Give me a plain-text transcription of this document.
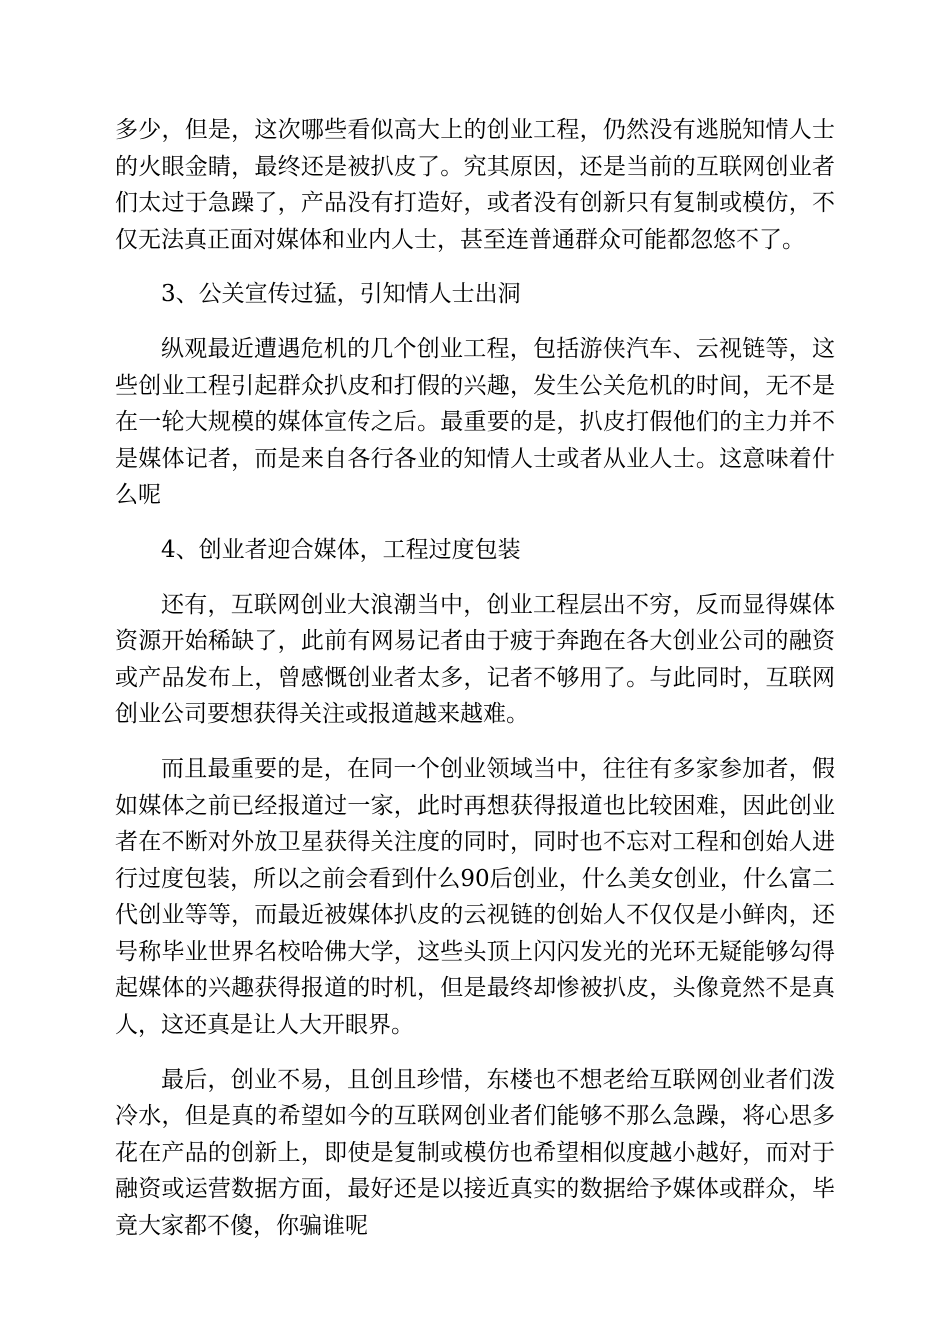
多少，但是，这次哪些看似高大上的创业工程，仍然没有逃脱知情人士的火眼金睛，最终还是被扒皮了。究其原因，还是当前的互联网创业者们太过于急躁了，产品没有打造好，或者没有创新只有复制或模仿，不仅无法真正面对媒体和业内人士，甚至连普通群众可能都忽悠不了。

3、公关宣传过猛，引知情人士出洞

纵观最近遭遇危机的几个创业工程，包括游侠汽车、云视链等，这些创业工程引起群众扒皮和打假的兴趣，发生公关危机的时间，无不是在一轮大规模的媒体宣传之后。最重要的是，扒皮打假他们的主力并不是媒体记者，而是来自各行各业的知情人士或者从业人士。这意味着什么呢

4、创业者迎合媒体，工程过度包装

还有，互联网创业大浪潮当中，创业工程层出不穷，反而显得媒体资源开始稀缺了，此前有网易记者由于疲于奔跑在各大创业公司的融资或产品发布上，曾感慨创业者太多，记者不够用了。与此同时，互联网创业公司要想获得关注或报道越来越难。

而且最重要的是，在同一个创业领域当中，往往有多家参加者，假如媒体之前已经报道过一家，此时再想获得报道也比较困难，因此创业者在不断对外放卫星获得关注度的同时，同时也不忘对工程和创始人进行过度包装，所以之前会看到什么90后创业，什么美女创业，什么富二代创业等等，而最近被媒体扒皮的云视链的创始人不仅仅是小鲜肉，还号称毕业世界名校哈佛大学，这些头顶上闪闪发光的光环无疑能够勾得起媒体的兴趣获得报道的时机，但是最终却惨被扒皮，头像竟然不是真人，这还真是让人大开眼界。

最后，创业不易，且创且珍惜，东楼也不想老给互联网创业者们泼冷水，但是真的希望如今的互联网创业者们能够不那么急躁，将心思多花在产品的创新上，即使是复制或模仿也希望相似度越小越好，而对于融资或运营数据方面，最好还是以接近真实的数据给予媒体或群众，毕竟大家都不傻，你骗谁呢
